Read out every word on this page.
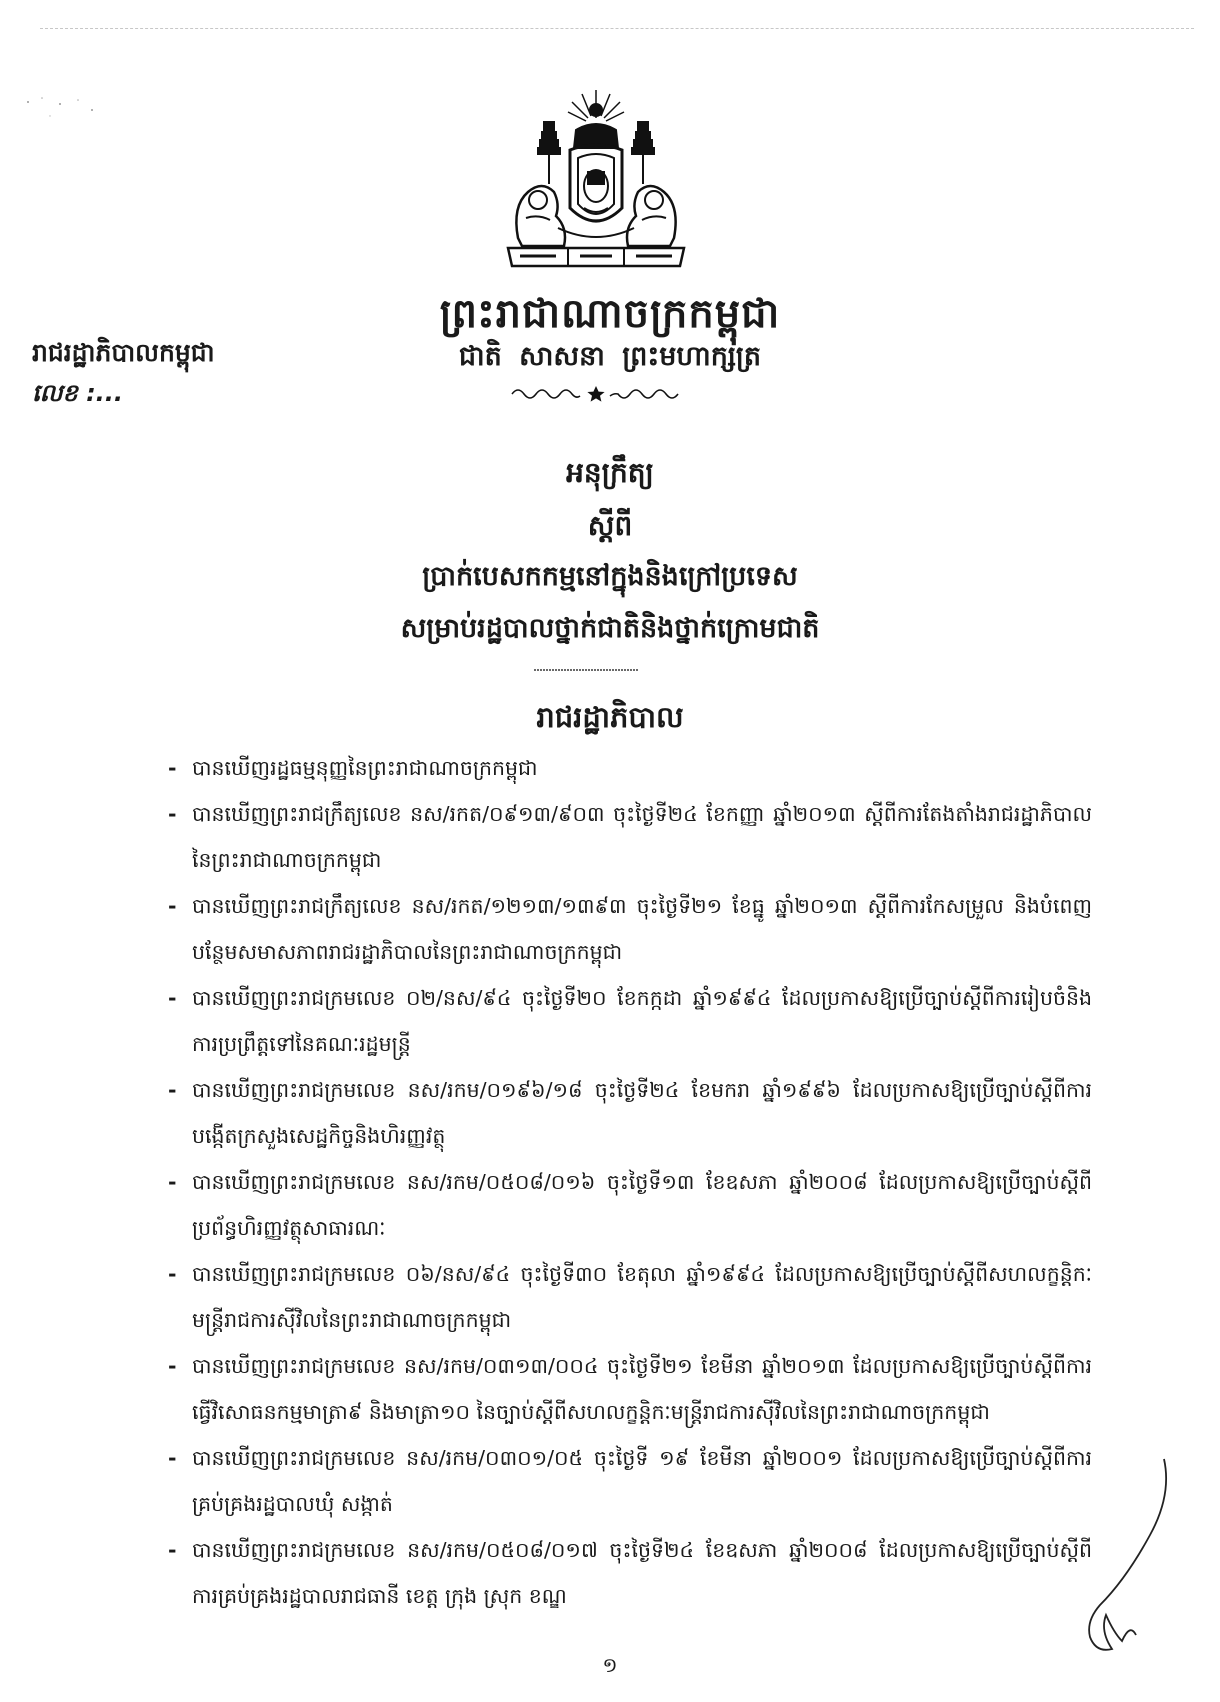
ព្រះរាជាណាចក្រកម្ពុជា
ជាតិ សាសនា ព្រះមហាក្សត្រ
រាជរដ្ឋាភិបាលកម្ពុជា
លេខ :...
អនុក្រឹត្យ
ស្តីពី
ប្រាក់បេសកកម្មនៅក្នុងនិងក្រៅប្រទេស
សម្រាប់រដ្ឋបាលថ្នាក់ជាតិនិងថ្នាក់ក្រោមជាតិ
រាជរដ្ឋាភិបាល
- បានឃើញរដ្ឋធម្មនុញ្ញនៃព្រះរាជាណាចក្រកម្ពុជា
- បានឃើញព្រះរាជក្រឹត្យលេខ នស/រកត/០៩១៣/៩០៣ ចុះថ្ងៃទី២៤ ខែកញ្ញា ឆ្នាំ២០១៣ ស្តីពីការតែងតាំងរាជរដ្ឋាភិបាលនៃព្រះរាជាណាចក្រកម្ពុជា
- បានឃើញព្រះរាជក្រឹត្យលេខ នស/រកត/១២១៣/១៣៩៣ ចុះថ្ងៃទី២១ ខែធ្នូ ឆ្នាំ២០១៣ ស្តីពីការកែសម្រួល និងបំពេញបន្ថែមសមាសភាពរាជរដ្ឋាភិបាលនៃព្រះរាជាណាចក្រកម្ពុជា
- បានឃើញព្រះរាជក្រមលេខ ០២/នស/៩៤ ចុះថ្ងៃទី២០ ខែកក្កដា ឆ្នាំ១៩៩៤ ដែលប្រកាសឱ្យប្រើច្បាប់ស្តីពីការរៀបចំនិងការប្រព្រឹត្តទៅនៃគណៈរដ្ឋមន្ត្រី
- បានឃើញព្រះរាជក្រមលេខ នស/រកម/០១៩៦/១៨ ចុះថ្ងៃទី២៤ ខែមករា ឆ្នាំ១៩៩៦ ដែលប្រកាសឱ្យប្រើច្បាប់ស្តីពីការបង្កើតក្រសួងសេដ្ឋកិច្ចនិងហិរញ្ញវត្ថុ
- បានឃើញព្រះរាជក្រមលេខ នស/រកម/០៥០៨/០១៦ ចុះថ្ងៃទី១៣ ខែឧសភា ឆ្នាំ២០០៨ ដែលប្រកាសឱ្យប្រើច្បាប់ស្តីពីប្រព័ន្ធហិរញ្ញវត្ថុសាធារណៈ
- បានឃើញព្រះរាជក្រមលេខ ០៦/នស/៩៤ ចុះថ្ងៃទី៣០ ខែតុលា ឆ្នាំ១៩៩៤ ដែលប្រកាសឱ្យប្រើច្បាប់ស្តីពីសហលក្ខន្តិកៈមន្ត្រីរាជការស៊ីវិលនៃព្រះរាជាណាចក្រកម្ពុជា
- បានឃើញព្រះរាជក្រមលេខ នស/រកម/០៣១៣/០០៤ ចុះថ្ងៃទី២១ ខែមីនា ឆ្នាំ២០១៣ ដែលប្រកាសឱ្យប្រើច្បាប់ស្តីពីការធ្វើវិសោធនកម្មមាត្រា៩ និងមាត្រា១០ នៃច្បាប់ស្តីពីសហលក្ខន្តិកៈមន្ត្រីរាជការស៊ីវិលនៃព្រះរាជាណាចក្រកម្ពុជា
- បានឃើញព្រះរាជក្រមលេខ នស/រកម/០៣០១/០៥ ចុះថ្ងៃទី ១៩ ខែមីនា ឆ្នាំ២០០១ ដែលប្រកាសឱ្យប្រើច្បាប់ស្តីពីការគ្រប់គ្រងរដ្ឋបាលឃុំ សង្កាត់
- បានឃើញព្រះរាជក្រមលេខ នស/រកម/០៥០៨/០១៧ ចុះថ្ងៃទី២៤ ខែឧសភា ឆ្នាំ២០០៨ ដែលប្រកាសឱ្យប្រើច្បាប់ស្តីពីការគ្រប់គ្រងរដ្ឋបាលរាជធានី ខេត្ត ក្រុង ស្រុក ខណ្ឌ
១
